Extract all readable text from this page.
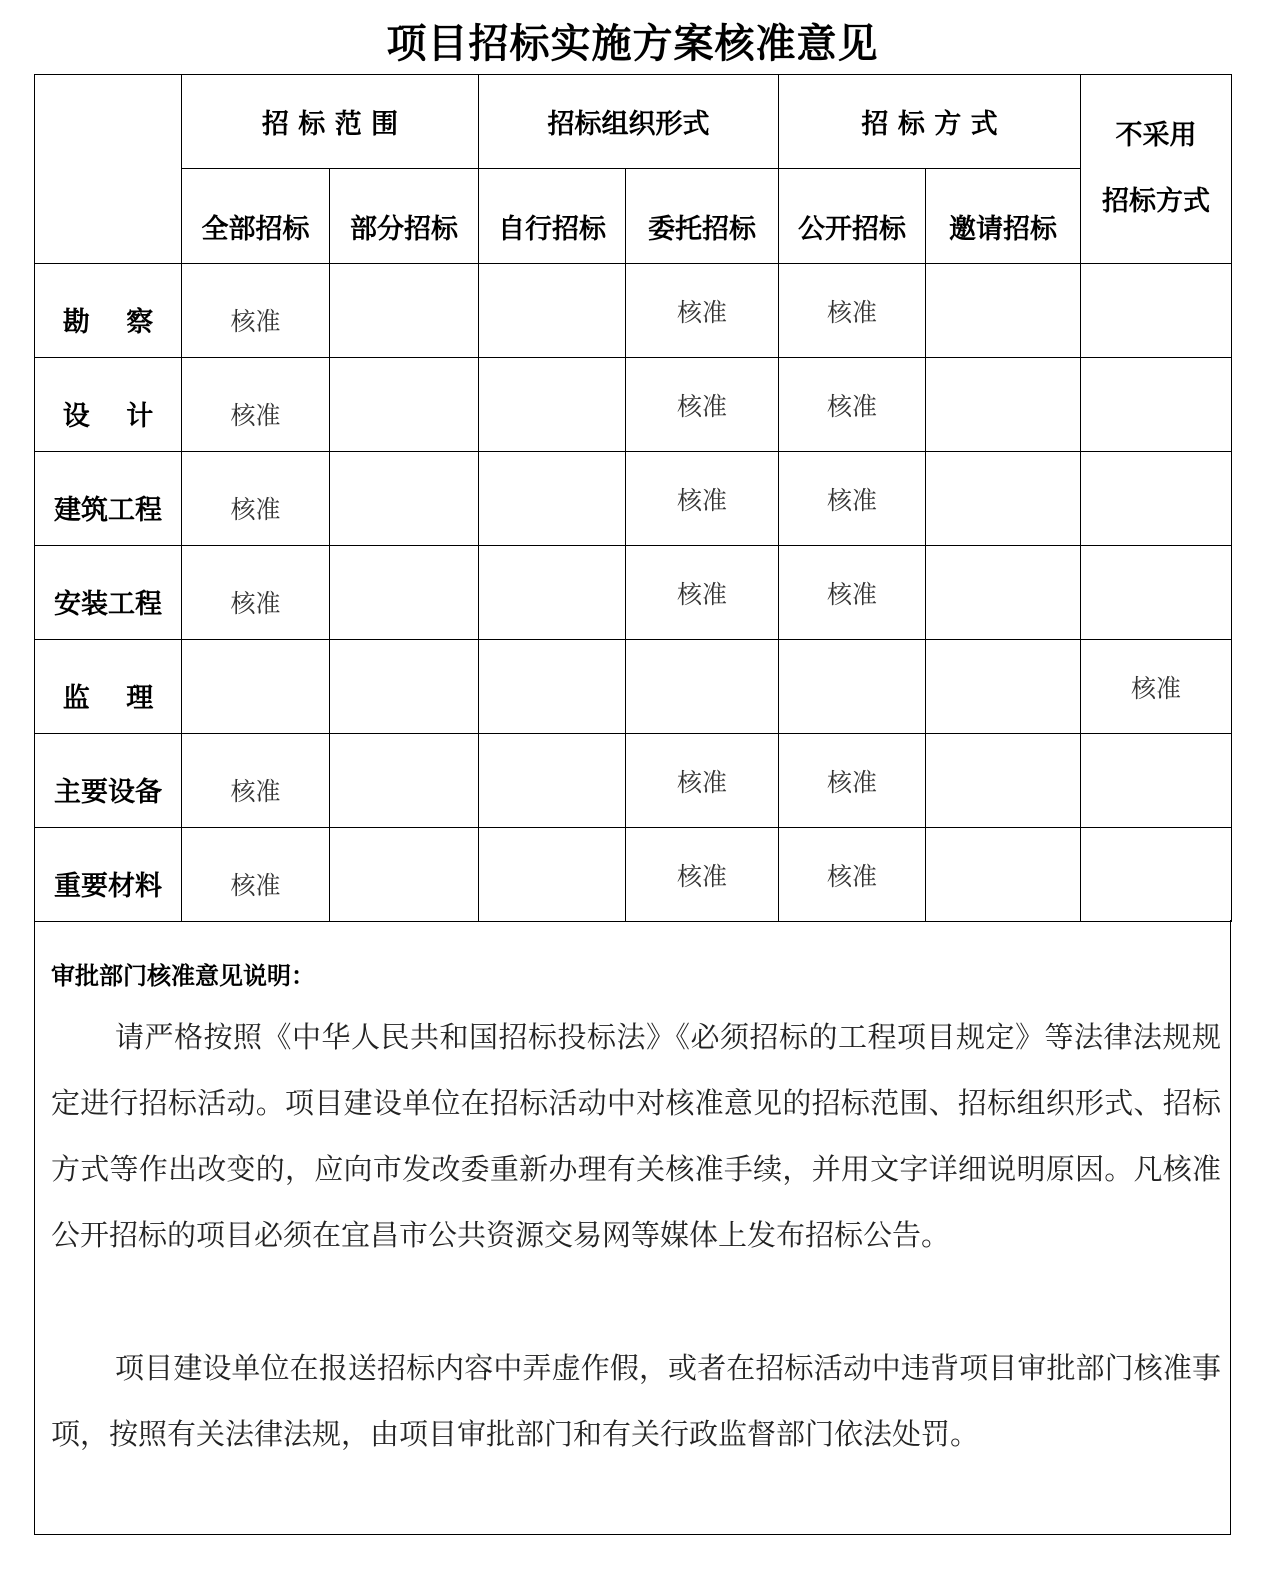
项目招标实施方案核准意见
	招 标 范 围		招标组织形式		招 标 方 式		不采用
招标方式

	全部招标	部分招标	自行招标	委托招标	公开招标	邀请招标	
勘　 察	核准			核准	核准		
设　 计	核准			核准	核准		
建筑工程	核准			核准	核准		
安装工程	核准			核准	核准		
监　 理							核准
主要设备	核准			核准	核准		
重要材料	核准			核准	核准		
审批部门核准意见说明：
请严格按照《中华人民共和国招标投标法》《必须招标的工程项目规定》等法律法规规定进行招标活动。项目建设单位在招标活动中对核准意见的招标范围、招标组织形式、招标方式等作出改变的，应向市发改委重新办理有关核准手续，并用文字详细说明原因。凡核准公开招标的项目必须在宜昌市公共资源交易网等媒体上发布招标公告。
项目建设单位在报送招标内容中弄虚作假，或者在招标活动中违背项目审批部门核准事项，按照有关法律法规，由项目审批部门和有关行政监督部门依法处罚。
